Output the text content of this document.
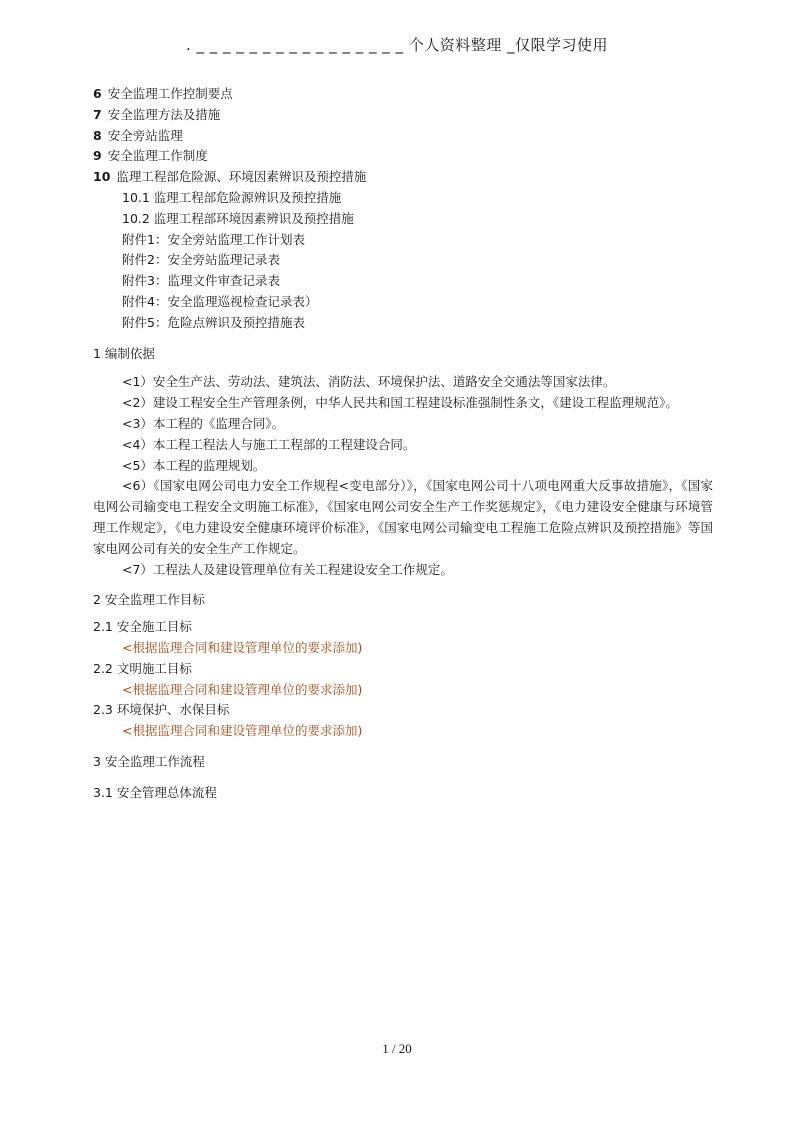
. _ _ _ _ _ _ _ _ _ _ _ _ _ _ _ _ 个人资料整理 _仅限学习使用
6 安全监理工作控制要点
7 安全监理方法及措施
8 安全旁站监理
9 安全监理工作制度
10 监理工程部危险源、环境因素辨识及预控措施
10.1 监理工程部危险源辨识及预控措施
10.2 监理工程部环境因素辨识及预控措施
附件1：安全旁站监理工作计划表
附件2：安全旁站监理记录表
附件3：监理文件审查记录表
附件4：安全监理巡视检查记录表）
附件5：危险点辨识及预控措施表
1 编制依据
<1）安全生产法、劳动法、建筑法、消防法、环境保护法、道路安全交通法等国家法律。
<2）建设工程安全生产管理条例，中华人民共和国工程建设标准强制性条文，《建设工程监理规范》。
<3）本工程的《监理合同》。
<4）本工程工程法人与施工工程部的工程建设合同。
<5）本工程的监理规划。
<6）《国家电网公司电力安全工作规程<变电部分）》，《国家电网公司十八项电网重大反事故措施》，《国家电网公司输变电工程安全文明施工标准》，《国家电网公司安全生产工作奖惩规定》，《电力建设安全健康与环境管理工作规定》，《电力建设安全健康环境评价标准》，《国家电网公司输变电工程施工危险点辨识及预控措施》等国家电网公司有关的安全生产工作规定。
<7）工程法人及建设管理单位有关工程建设安全工作规定。
2 安全监理工作目标
2.1 安全施工目标
<根据监理合同和建设管理单位的要求添加)
2.2 文明施工目标
<根据监理合同和建设管理单位的要求添加)
2.3 环境保护、水保目标
<根据监理合同和建设管理单位的要求添加)
3 安全监理工作流程
3.1 安全管理总体流程
1 / 20
